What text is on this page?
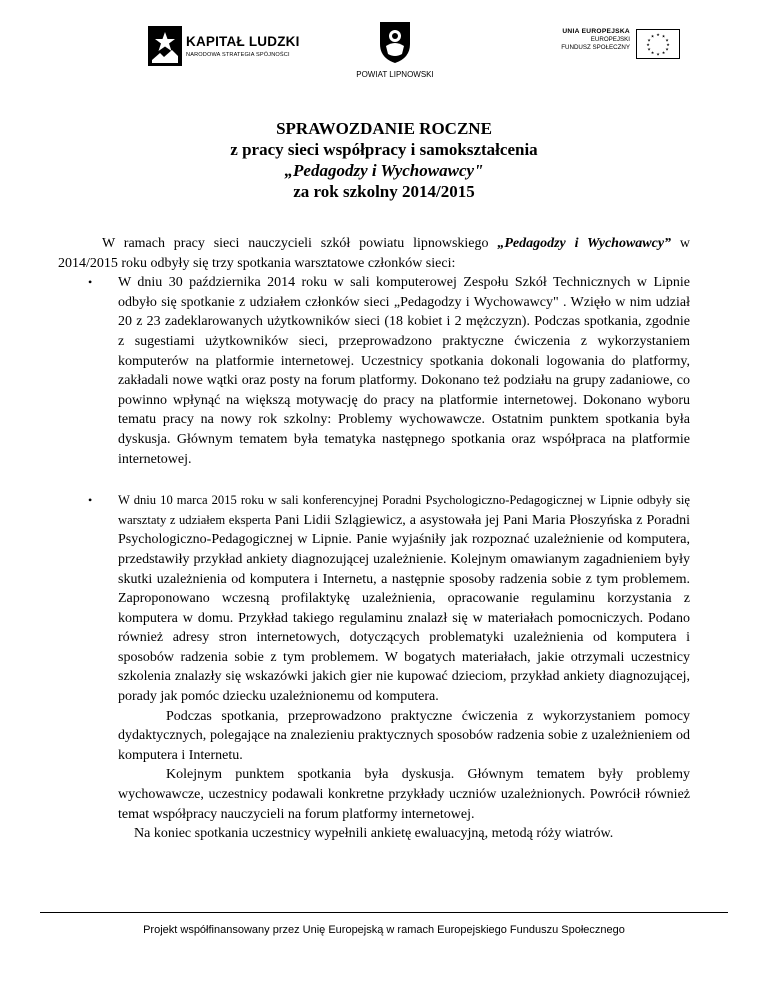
KAPITAŁ LUDZKI
NARODOWA STRATEGIA SPÓJNOŚCI
POWIAT LIPNOWSKI
UNIA EUROPEJSKA
EUROPEJSKI
FUNDUSZ SPOŁECZNY
★ ★
★
★
★
★
★
★
★
★
★
★
SPRAWOZDANIE ROCZNE
z pracy sieci współpracy i samokształcenia
„Pedagodzy i Wychowawcy"
za rok szkolny 2014/2015

W ramach pracy sieci nauczycieli szkół powiatu lipnowskiego „Pedagodzy i Wychowawcy” w 2014/2015 roku odbyły się trzy spotkania warsztatowe członków sieci:

• W dniu 30 października 2014 roku w sali komputerowej Zespołu Szkół Technicznych w Lipnie odbyło się spotkanie z udziałem członków sieci „Pedagodzy i Wychowawcy" . Wzięło w nim udział 20 z 23 zadeklarowanych użytkowników sieci (18 kobiet i 2 mężczyzn). Podczas spotkania, zgodnie z sugestiami użytkowników sieci, przeprowadzono praktyczne ćwiczenia z wykorzystaniem komputerów na platformie internetowej. Uczestnicy spotkania dokonali logowania do platformy, zakładali nowe wątki oraz posty na forum platformy. Dokonano też podziału na grupy zadaniowe, co powinno wpłynąć na większą motywację do pracy na platformie internetowej. Dokonano wyboru tematu pracy na nowy rok szkolny: Problemy wychowawcze. Ostatnim punktem spotkania była dyskusja. Głównym tematem była tematyka następnego spotkania oraz współpraca na platformie internetowej.

• W dniu 10 marca 2015 roku w sali konferencyjnej Poradni Psychologiczno-Pedagogicznej w Lipnie odbyły się warsztaty z udziałem eksperta Pani Lidii Szlągiewicz, a asystowała jej Pani Maria Płoszyńska z Poradni Psychologiczno-Pedagogicznej w Lipnie. Panie wyjaśniły jak rozpoznać uzależnienie od komputera, przedstawiły przykład ankiety diagnozującej uzależnienie. Kolejnym omawianym zagadnieniem były skutki uzależnienia od komputera i Internetu, a następnie sposoby radzenia sobie z tym problemem. Zaproponowano wczesną profilaktykę uzależnienia, opracowanie regulaminu korzystania z komputera w domu. Przykład takiego regulaminu znalazł się w materiałach pomocniczych. Podano również adresy stron internetowych, dotyczących problematyki uzależnienia od komputera i sposobów radzenia sobie z tym problemem. W bogatych materiałach, jakie otrzymali uczestnicy szkolenia znalazły się wskazówki jakich gier nie kupować dzieciom, przykład ankiety diagnozującej, porady jak pomóc dziecku uzależnionemu od komputera.

Podczas spotkania, przeprowadzono praktyczne ćwiczenia z wykorzystaniem pomocy dydaktycznych, polegające na znalezieniu praktycznych sposobów radzenia sobie z uzależnieniem od komputera i Internetu.

Kolejnym punktem spotkania była dyskusja. Głównym tematem były problemy wychowawcze, uczestnicy podawali konkretne przykłady uczniów uzależnionych. Powrócił również temat współpracy nauczycieli na forum platformy internetowej.

Na koniec spotkania uczestnicy wypełnili ankietę ewaluacyjną, metodą róży wiatrów.

Projekt współfinansowany przez Unię Europejską w ramach Europejskiego Funduszu Społecznego
